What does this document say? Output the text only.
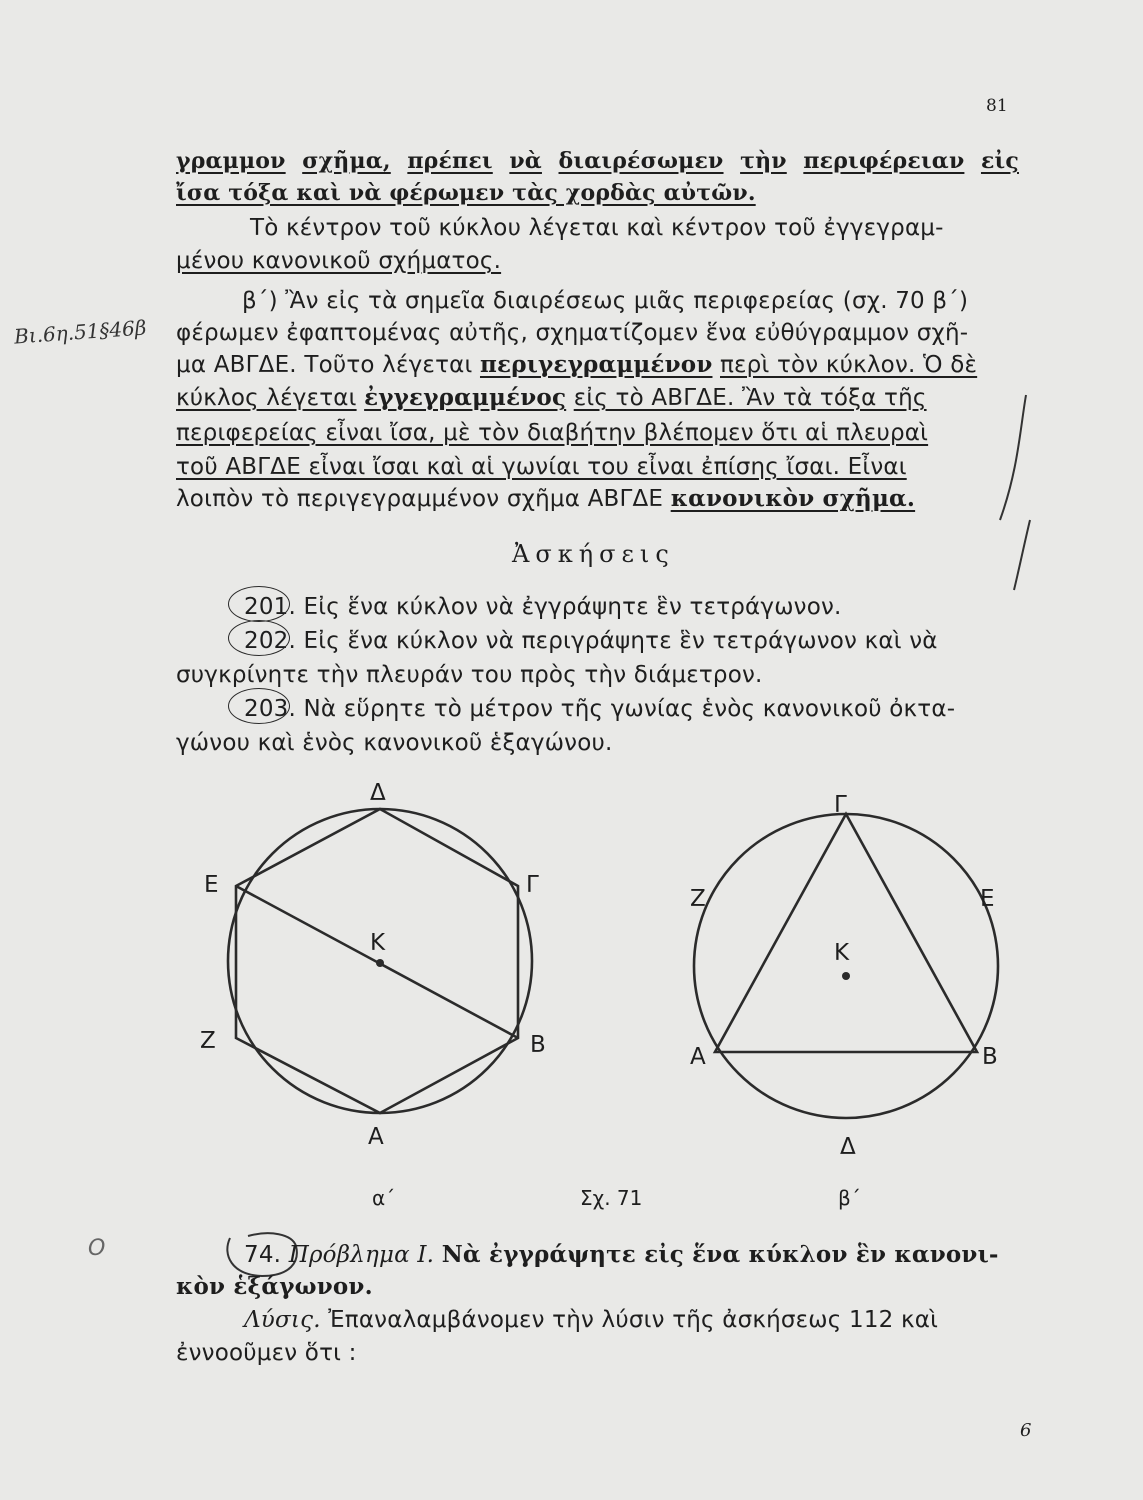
81
γραμμον σχῆμα, πρέπει νὰ διαιρέσωμεν τὴν περιφέρειαν εἰς
ἴσα τόξα καὶ νὰ φέρωμεν τὰς χορδὰς αὐτῶν.
Τὸ κέντρον τοῦ κύκλου λέγεται καὶ κέντρον τοῦ ἐγγεγραμ-
μένου κανονικοῦ σχήματος.
β΄) Ἂν εἰς τὰ σημεῖα διαιρέσεως μιᾶς περιφερείας (σχ. 70 β΄)
φέρωμεν ἐφαπτομένας αὐτῆς, σχηματίζομεν ἕνα εὐθύγραμμον σχῆ-
μα ΑΒΓΔΕ. Τοῦτο λέγεται περιγεγραμμένον περὶ τὸν κύκλον. Ὁ δὲ
κύκλος λέγεται ἐγγεγραμμένος εἰς τὸ ΑΒΓΔΕ. Ἂν τὰ τόξα τῆς
περιφερείας εἶναι ἴσα, μὲ τὸν διαβήτην βλέπομεν ὅτι αἱ πλευραὶ
τοῦ ΑΒΓΔΕ εἶναι ἴσαι καὶ αἱ γωνίαι του εἶναι ἐπίσης ἴσαι. Εἶναι
λοιπὸν τὸ περιγεγραμμένον σχῆμα ΑΒΓΔΕ κανονικὸν σχῆμα.
Ἀσκήσεις
201. Εἰς ἕνα κύκλον νὰ ἐγγράψητε ἓν τετράγωνον.
202. Εἰς ἕνα κύκλον νὰ περιγράψητε ἓν τετράγωνον καὶ νὰ
συγκρίνητε τὴν πλευράν του πρὸς τὴν διάμετρον.
203. Νὰ εὕρητε τὸ μέτρον τῆς γωνίας ἑνὸς κανονικοῦ ὀκτα-
γώνου καὶ ἑνὸς κανονικοῦ ἑξαγώνου.
Βι.6η.51§46β
O
Δ
Ε	Γ
Κ
Ζ	Β
Α
Γ
Ζ	Ε
Κ
Α	Β
Δ
α΄	Σχ. 71	β΄
74. Πρόβλημα Ι. Νὰ ἐγγράψητε εἰς ἕνα κύκλον ἓν κανονι-
κὸν ἑξάγωνον.
Λύσις. Ἐπαναλαμβάνομεν τὴν λύσιν τῆς ἀσκήσεως 112 καὶ
ἐννοοῦμεν ὅτι :
6
